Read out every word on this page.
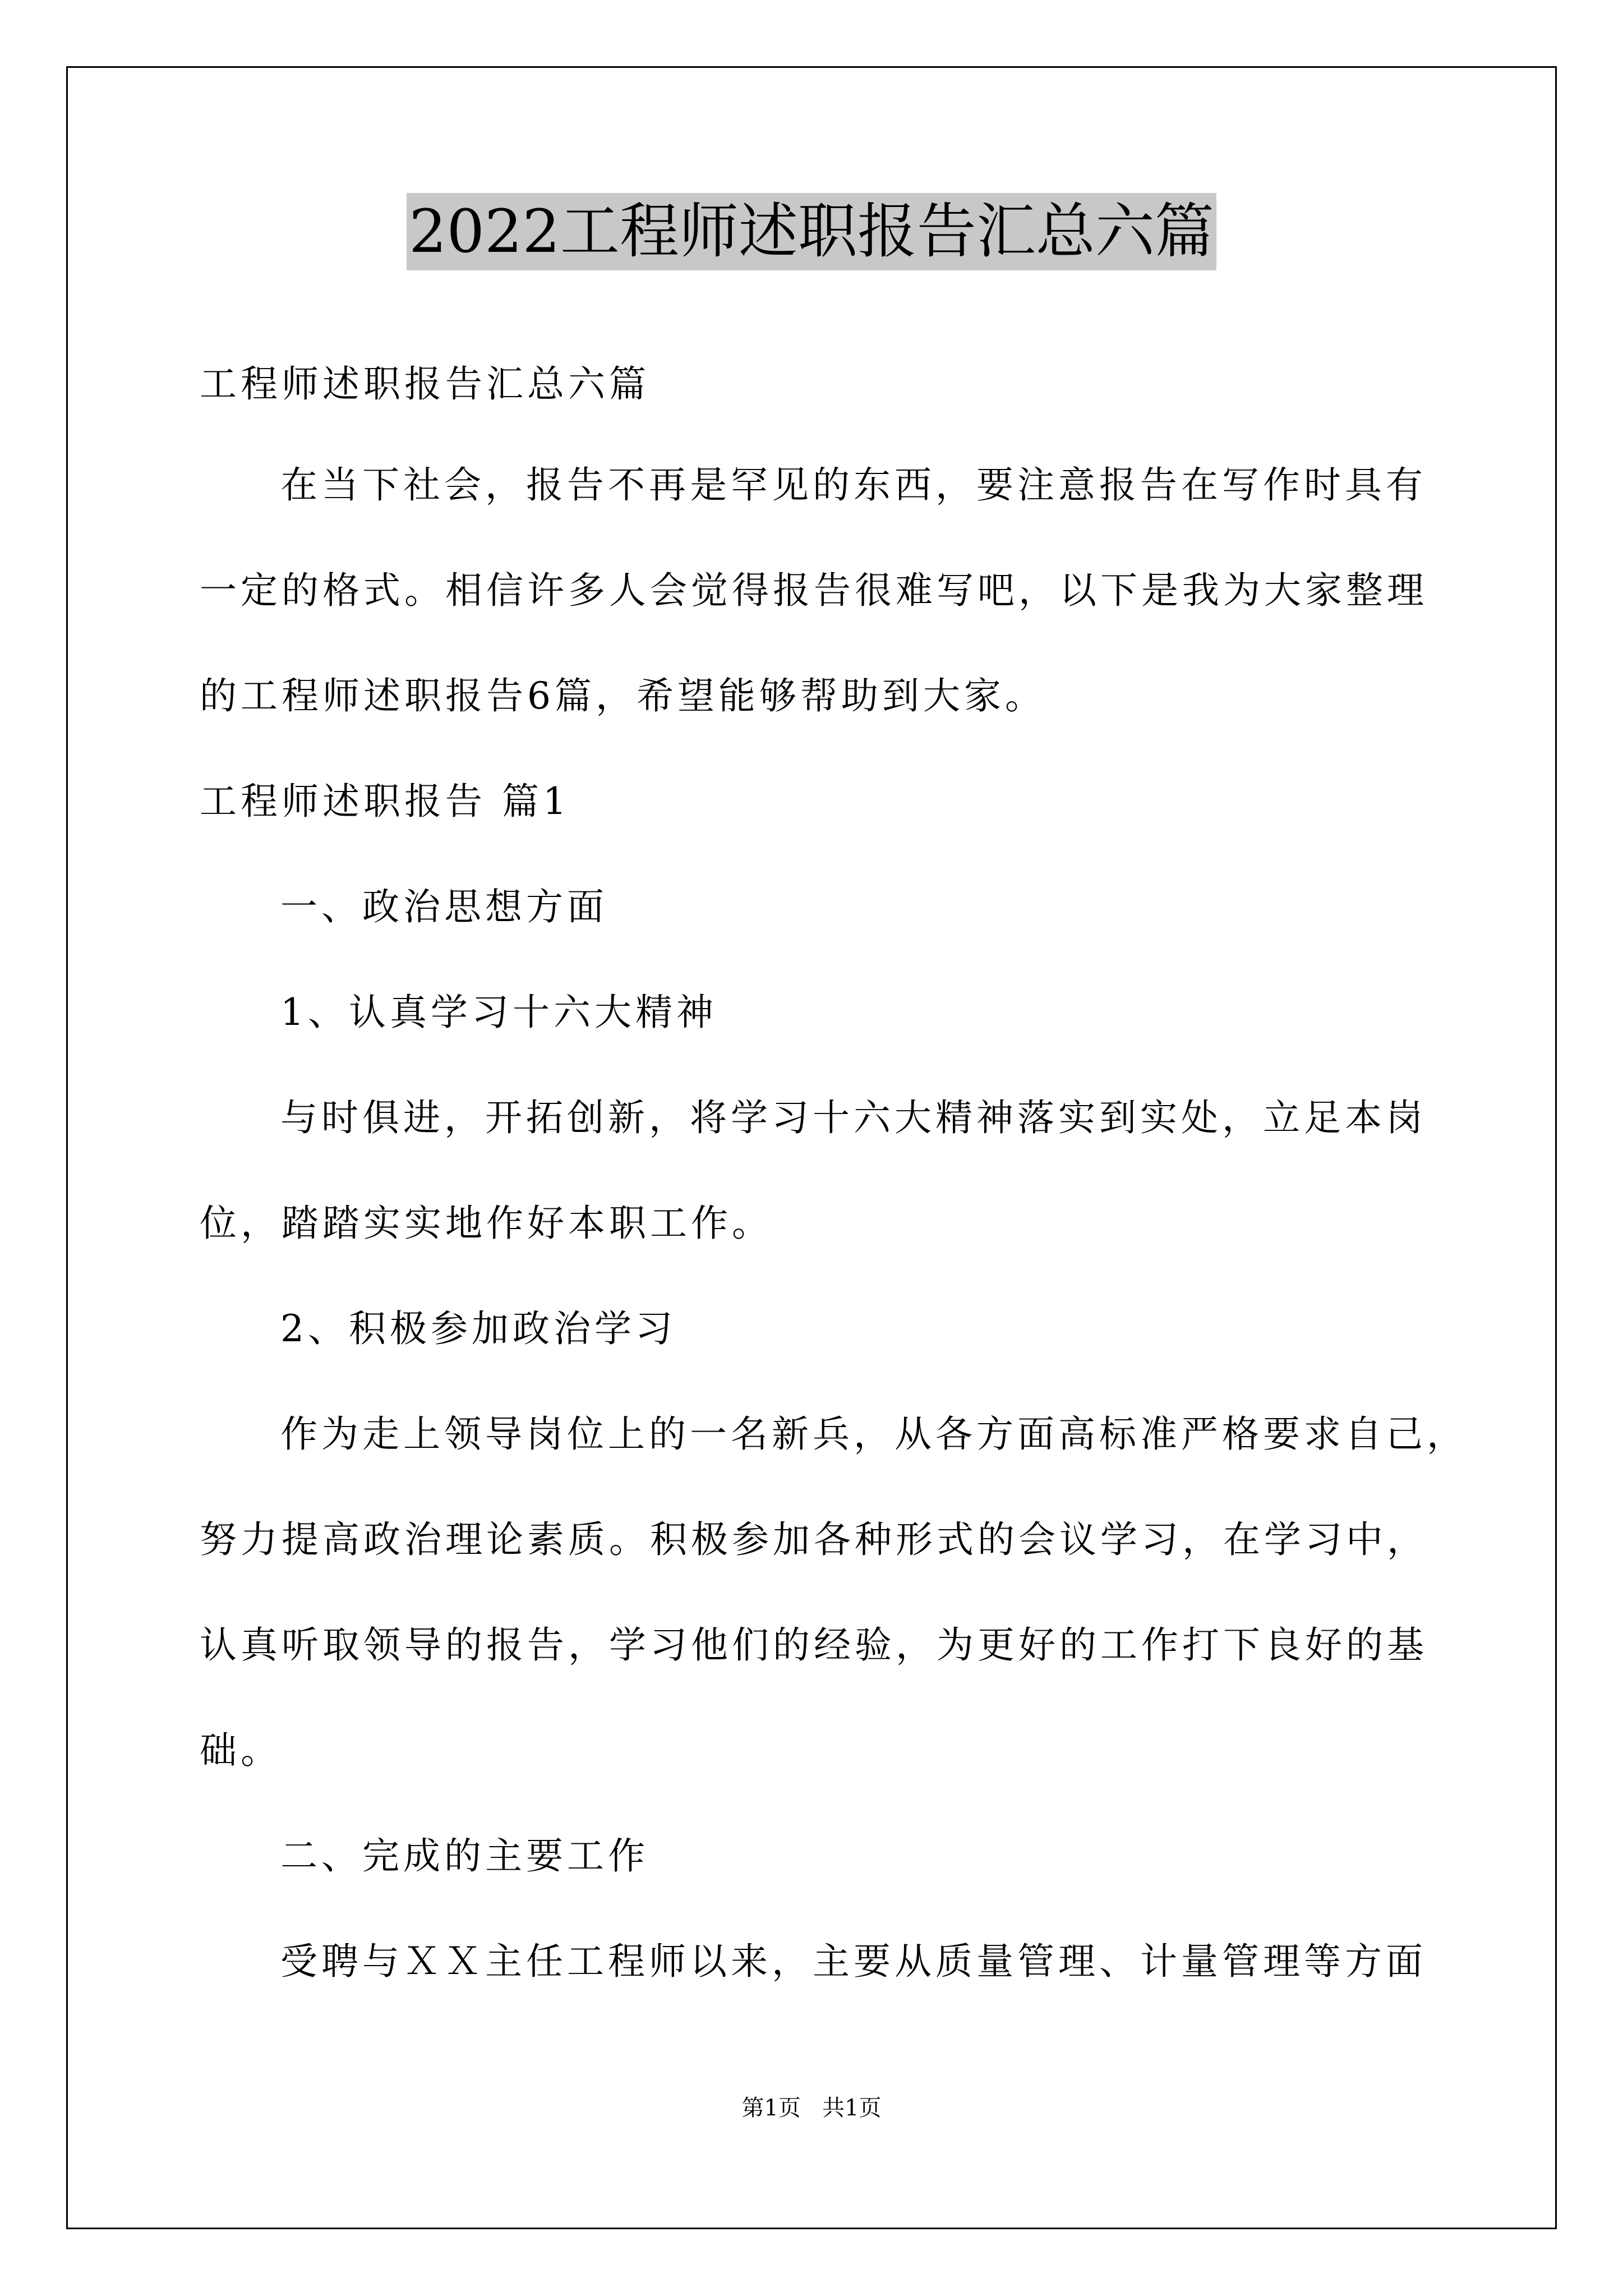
2022工程师述职报告汇总六篇
工程师述职报告汇总六篇
在当下社会，报告不再是罕见的东西，要注意报告在写作时具有
一定的格式。相信许多人会觉得报告很难写吧，以下是我为大家整理
的工程师述职报告6篇，希望能够帮助到大家。
工程师述职报告 篇1
一、政治思想方面
1、认真学习十六大精神
与时俱进，开拓创新，将学习十六大精神落实到实处，立足本岗
位，踏踏实实地作好本职工作。
2、积极参加政治学习
作为走上领导岗位上的一名新兵，从各方面高标准严格要求自己，
努力提高政治理论素质。积极参加各种形式的会议学习，在学习中，
认真听取领导的报告，学习他们的经验，为更好的工作打下良好的基
础。
二、完成的主要工作
受聘与ＸＸ主任工程师以来，主要从质量管理、计量管理等方面
第1页   共1页
